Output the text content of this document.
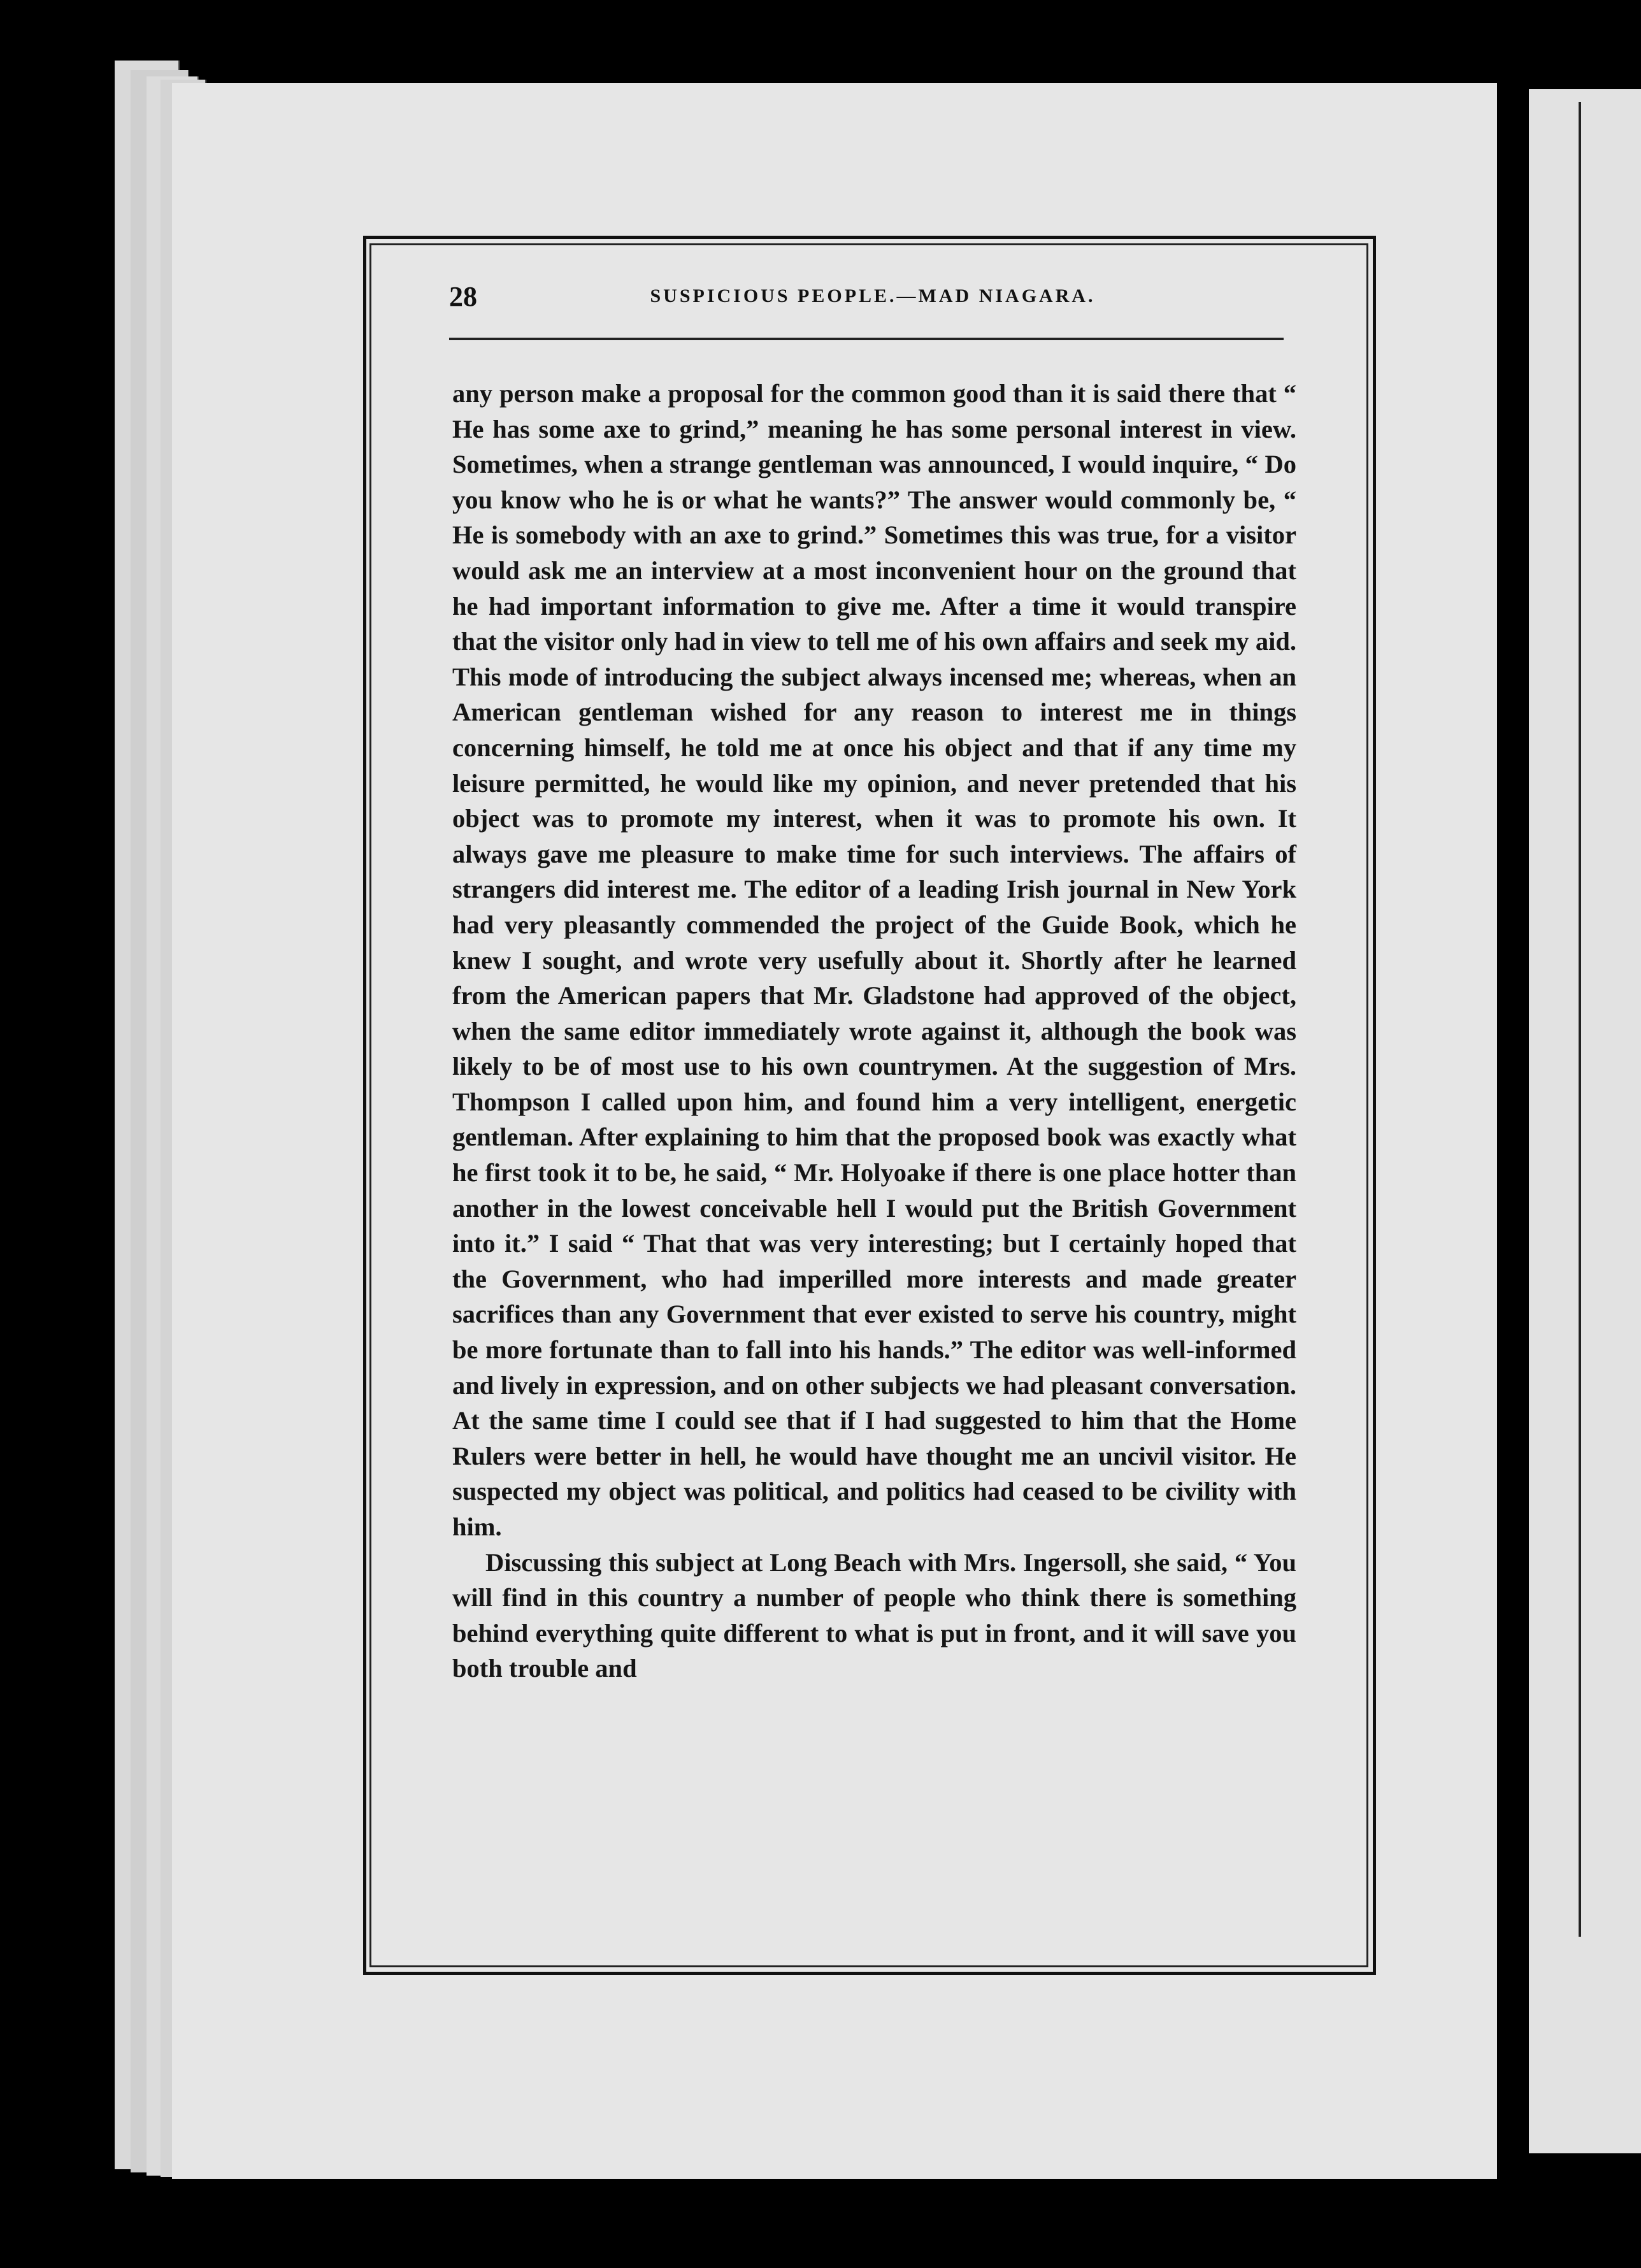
28	SUSPICIOUS PEOPLE.—MAD NIAGARA.

any person make a proposal for the common good than it is said there that “ He has some axe to grind,” meaning he has some personal interest in view. Sometimes, when a strange gentleman was announced, I would inquire, “ Do you know who he is or what he wants?” The answer would commonly be, “ He is somebody with an axe to grind.” Sometimes this was true, for a visitor would ask me an interview at a most inconvenient hour on the ground that he had important information to give me. After a time it would transpire that the visitor only had in view to tell me of his own affairs and seek my aid. This mode of introducing the subject always incensed me; whereas, when an American gentleman wished for any reason to interest me in things concerning himself, he told me at once his object and that if any time my leisure permitted, he would like my opinion, and never pretended that his object was to promote my interest, when it was to promote his own. It always gave me pleasure to make time for such interviews. The affairs of strangers did interest me. The editor of a leading Irish journal in New York had very pleasantly commended the project of the Guide Book, which he knew I sought, and wrote very usefully about it. Shortly after he learned from the American papers that Mr. Gladstone had approved of the object, when the same editor immediately wrote against it, although the book was likely to be of most use to his own countrymen. At the suggestion of Mrs. Thompson I called upon him, and found him a very intelligent, energetic gentleman. After explaining to him that the proposed book was exactly what he first took it to be, he said, “ Mr. Holyoake if there is one place hotter than another in the lowest conceivable hell I would put the British Government into it.” I said “ That that was very interesting; but I certainly hoped that the Government, who had imperilled more interests and made greater sacrifices than any Government that ever existed to serve his country, might be more fortunate than to fall into his hands.” The editor was well-informed and lively in expression, and on other subjects we had pleasant conversation. At the same time I could see that if I had suggested to him that the Home Rulers were better in hell, he would have thought me an uncivil visitor. He suspected my object was political, and politics had ceased to be civility with him.

Discussing this subject at Long Beach with Mrs. Ingersoll, she said, “ You will find in this country a number of people who think there is something behind everything quite different to what is put in front, and it will save you both trouble and
